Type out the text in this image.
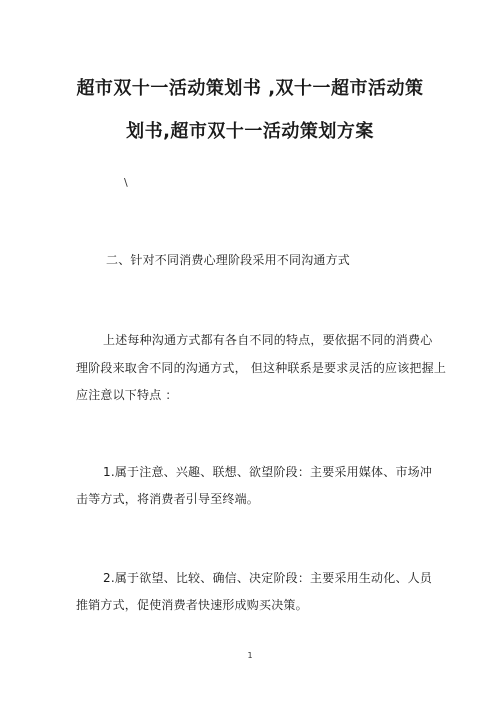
超市双十一活动策划书 ,双十一超市活动策
划书,超市双十一活动策划方案
\
二、针对不同消费心理阶段采用不同沟通方式
上述每种沟通方式都有各自不同的特点，要依据不同的消费心
理阶段来取舍不同的沟通方式， 但这种联系是要求灵活的应该把握上
应注意以下特点 ：
1.属于注意、兴趣、联想、欲望阶段：主要采用媒体、市场冲
击等方式，将消费者引导至终端。
2.属于欲望、比较、确信、决定阶段：主要采用生动化、人员
推销方式，促使消费者快速形成购买决策。
1
